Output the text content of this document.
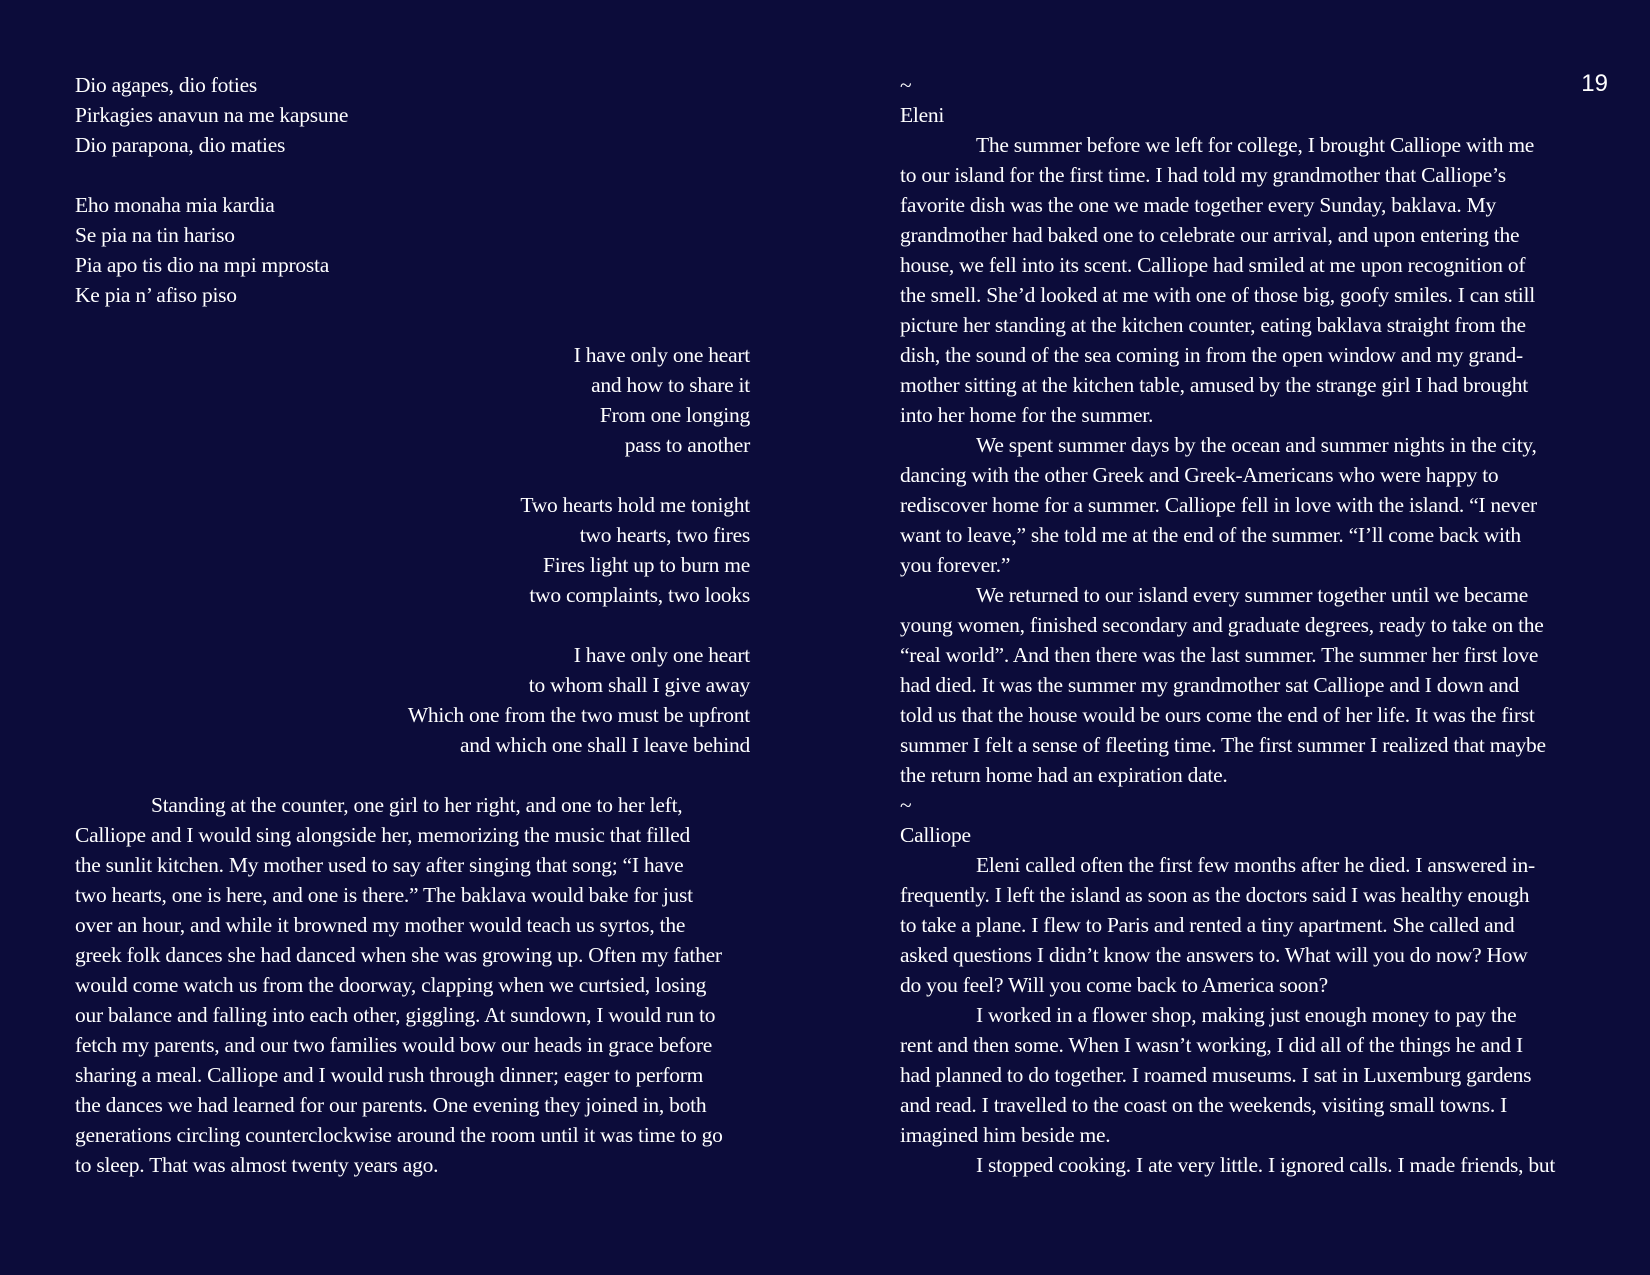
Dio agapes, dio foties
Pirkagies anavun na me kapsune
Dio parapona, dio maties
Eho monaha mia kardia
Se pia na tin hariso
Pia apo tis dio na mpi mprosta
Ke pia n’ afiso piso
I have only one heart
and how to share it
From one longing
pass to another
Two hearts hold me tonight
two hearts, two fires
Fires light up to burn me
two complaints, two looks
I have only one heart
to whom shall I give away
Which one from the two must be upfront
and which one shall I leave behind
Standing at the counter, one girl to her right, and one to her left,
Calliope and I would sing alongside her, memorizing the music that filled
the sunlit kitchen. My mother used to say after singing that song; “I have
two hearts, one is here, and one is there.” The baklava would bake for just
over an hour, and while it browned my mother would teach us syrtos, the
greek folk dances she had danced when she was growing up. Often my father
would come watch us from the doorway, clapping when we curtsied, losing
our balance and falling into each other, giggling. At sundown, I would run to
fetch my parents, and our two families would bow our heads in grace before
sharing a meal. Calliope and I would rush through dinner; eager to perform
the dances we had learned for our parents. One evening they joined in, both
generations circling counterclockwise around the room until it was time to go
to sleep. That was almost twenty years ago.
19
~
Eleni
The summer before we left for college, I brought Calliope with me
to our island for the first time. I had told my grandmother that Calliope’s
favorite dish was the one we made together every Sunday, baklava. My
grandmother had baked one to celebrate our arrival, and upon entering the
house, we fell into its scent. Calliope had smiled at me upon recognition of
the smell. She’d looked at me with one of those big, goofy smiles. I can still
picture her standing at the kitchen counter, eating baklava straight from the
dish, the sound of the sea coming in from the open window and my grand-
mother sitting at the kitchen table, amused by the strange girl I had brought
into her home for the summer.
We spent summer days by the ocean and summer nights in the city,
dancing with the other Greek and Greek-Americans who were happy to
rediscover home for a summer. Calliope fell in love with the island. “I never
want to leave,” she told me at the end of the summer. “I’ll come back with
you forever.”
We returned to our island every summer together until we became
young women, finished secondary and graduate degrees, ready to take on the
“real world”. And then there was the last summer. The summer her first love
had died. It was the summer my grandmother sat Calliope and I down and
told us that the house would be ours come the end of her life. It was the first
summer I felt a sense of fleeting time. The first summer I realized that maybe
the return home had an expiration date.
~
Calliope
Eleni called often the first few months after he died. I answered in-
frequently. I left the island as soon as the doctors said I was healthy enough
to take a plane. I flew to Paris and rented a tiny apartment. She called and
asked questions I didn’t know the answers to. What will you do now? How
do you feel? Will you come back to America soon?
I worked in a flower shop, making just enough money to pay the
rent and then some. When I wasn’t working, I did all of the things he and I
had planned to do together. I roamed museums. I sat in Luxemburg gardens
and read. I travelled to the coast on the weekends, visiting small towns. I
imagined him beside me.
I stopped cooking. I ate very little. I ignored calls. I made friends, but
